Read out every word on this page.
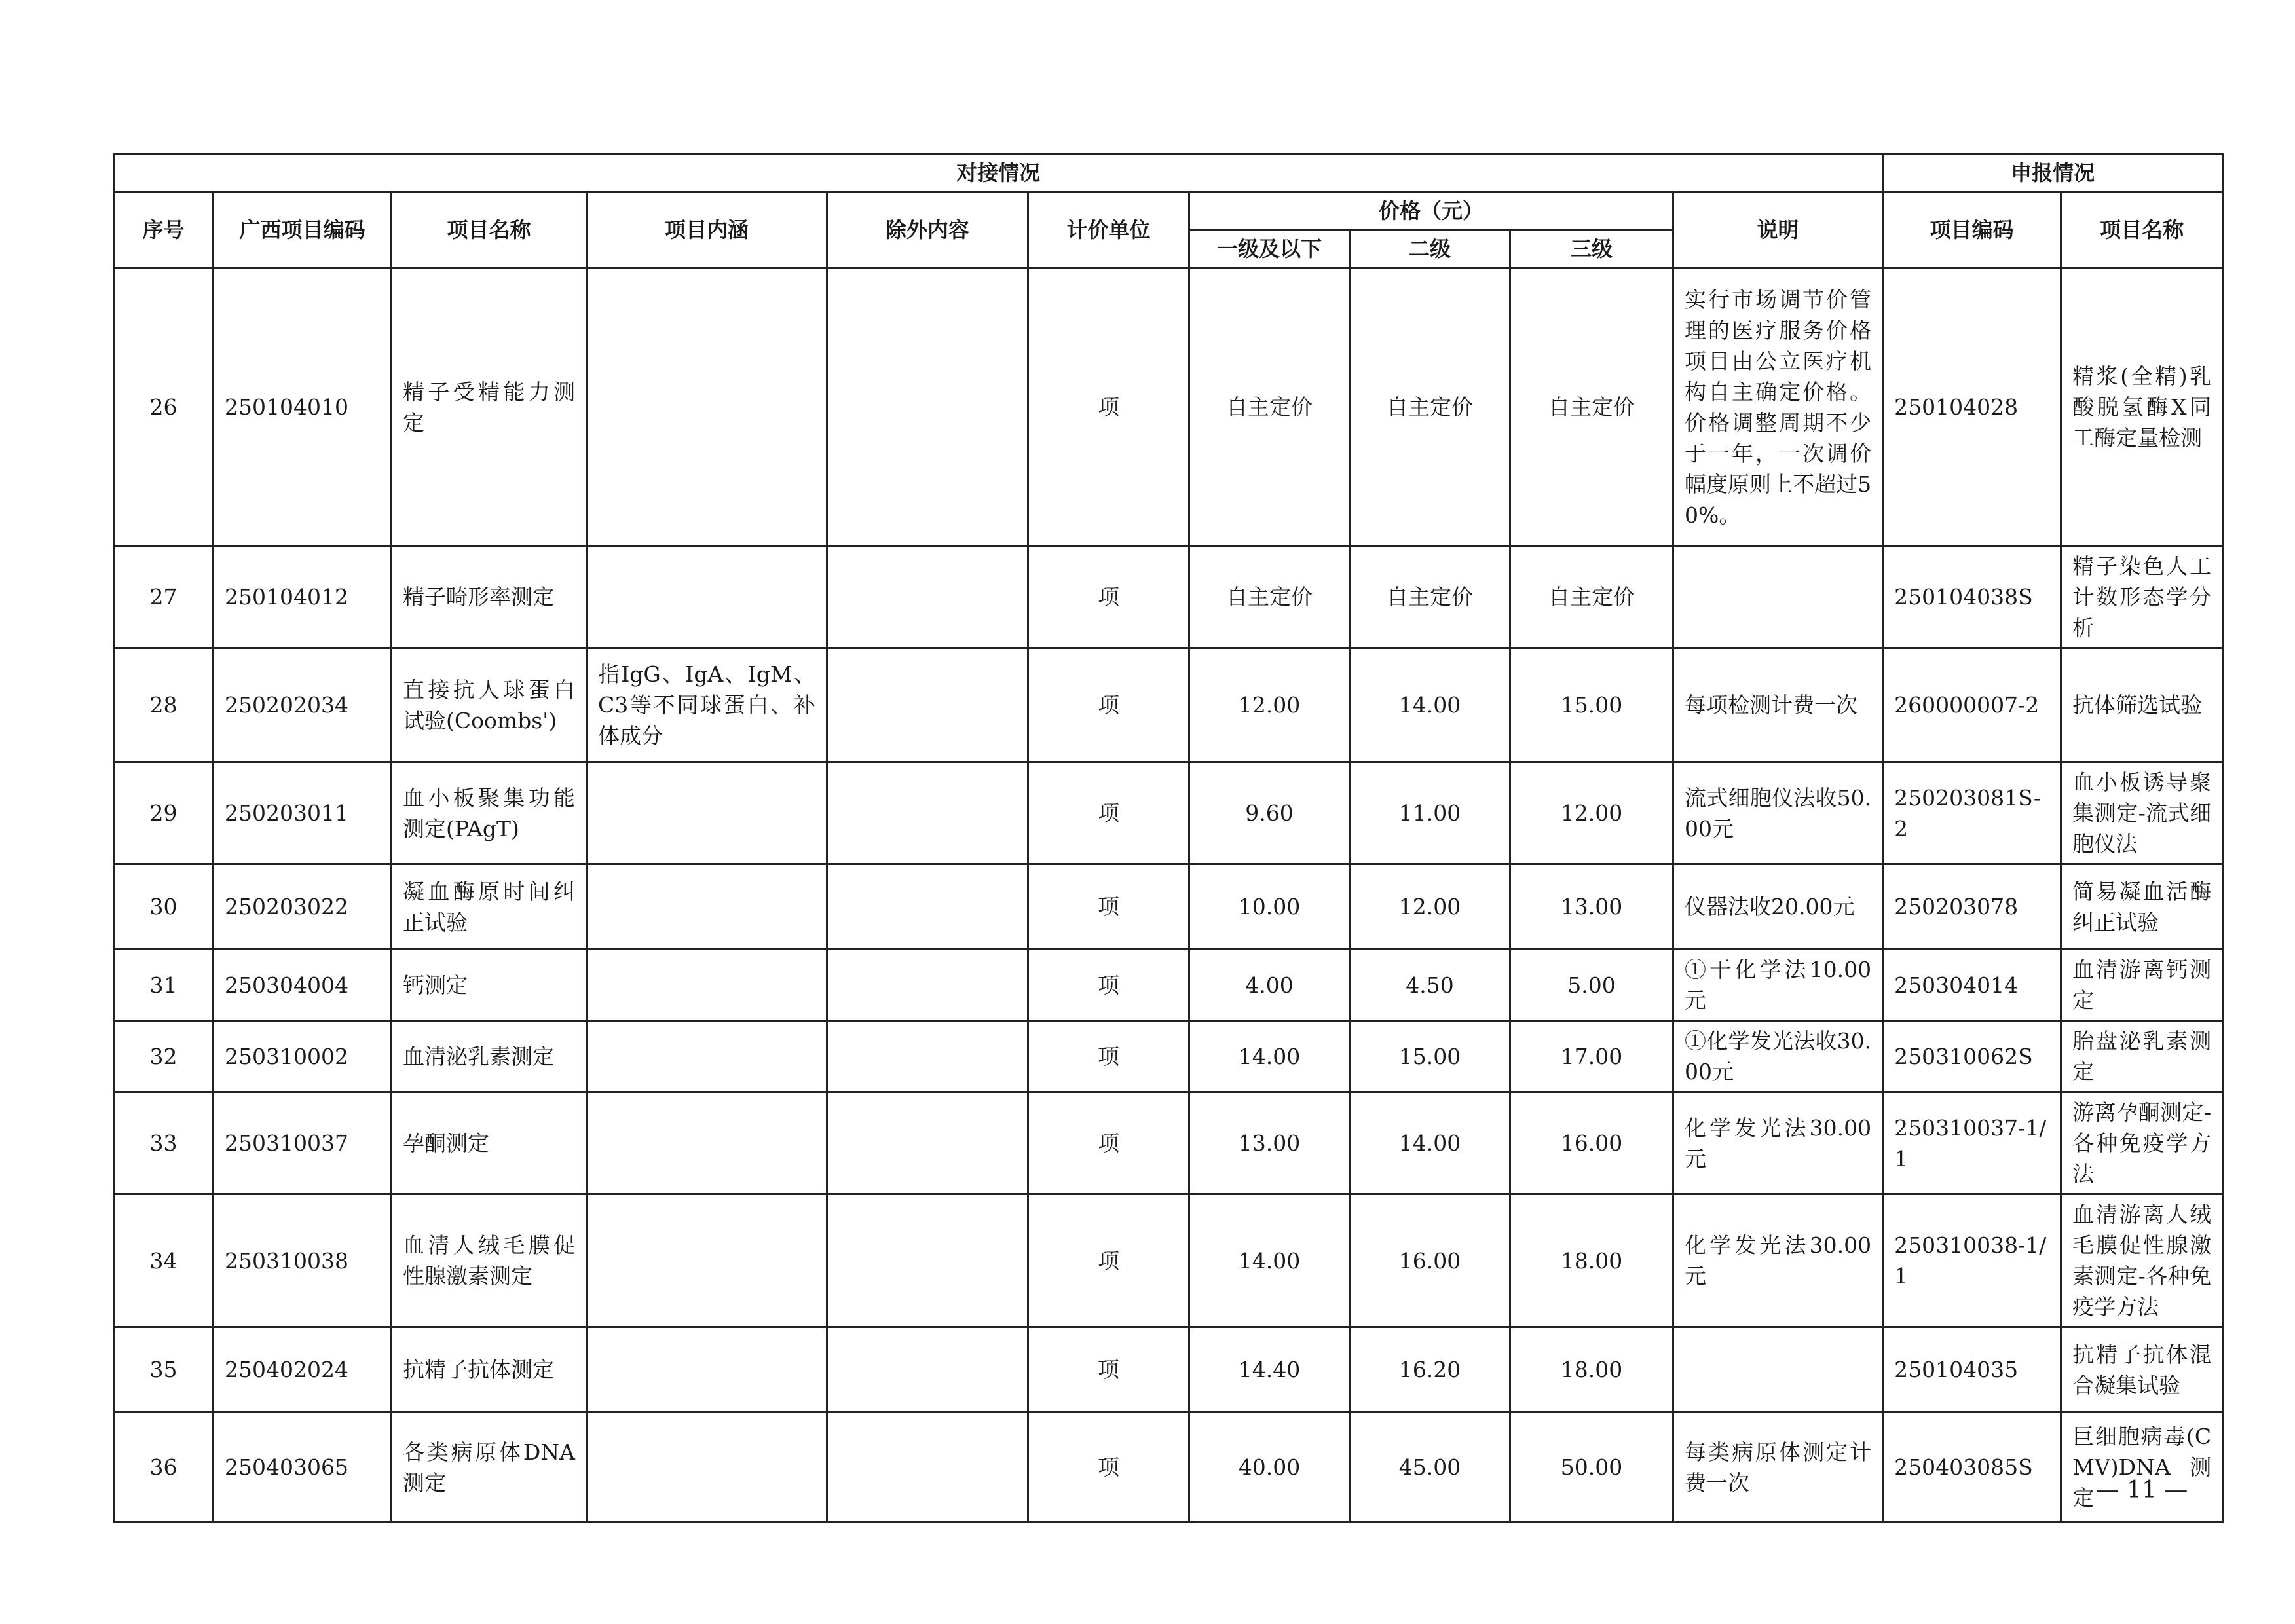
对接情况										申报情况	
序号	广西项目编码	项目名称	项目内涵	除外内容	计价单位	价格（元）			说明	项目编码	项目名称
						一级及以下	二级	三级			
26	250104010	精子受精能力测定			项	自主定价	自主定价	自主定价	实行市场调节价管理的医疗服务价格项目由公立医疗机构自主确定价格。价格调整周期不少于一年，一次调价幅度原则上不超过50%。	250104028	精浆(全精)乳酸脱氢酶X同工酶定量检测
27	250104012	精子畸形率测定			项	自主定价	自主定价	自主定价		250104038S	精子染色人工计数形态学分析
28	250202034	直接抗人球蛋白试验(Coombs')	指IgG、IgA、IgM、C3等不同球蛋白、补体成分		项	12.00	14.00	15.00	每项检测计费一次	260000007-2	抗体筛选试验
29	250203011	血小板聚集功能测定(PAgT)			项	9.60	11.00	12.00	流式细胞仪法收50.00元	250203081S-2	血小板诱导聚集测定-流式细胞仪法
30	250203022	凝血酶原时间纠正试验			项	10.00	12.00	13.00	仪器法收20.00元	250203078	简易凝血活酶纠正试验
31	250304004	钙测定			项	4.00	4.50	5.00	①干化学法10.00元	250304014	血清游离钙测定
32	250310002	血清泌乳素测定			项	14.00	15.00	17.00	①化学发光法收30.00元	250310062S	胎盘泌乳素测定
33	250310037	孕酮测定			项	13.00	14.00	16.00	化学发光法30.00元	250310037-1/1	游离孕酮测定-各种免疫学方法
34	250310038	血清人绒毛膜促性腺激素测定			项	14.00	16.00	18.00	化学发光法30.00元	250310038-1/1	血清游离人绒毛膜促性腺激素测定-各种免疫学方法
35	250402024	抗精子抗体测定			项	14.40	16.20	18.00		250104035	抗精子抗体混合凝集试验
36	250403065	各类病原体DNA测定			项	40.00	45.00	50.00	每类病原体测定计费一次	250403085S	巨细胞病毒(CMV)DNA测定 — 11 —
